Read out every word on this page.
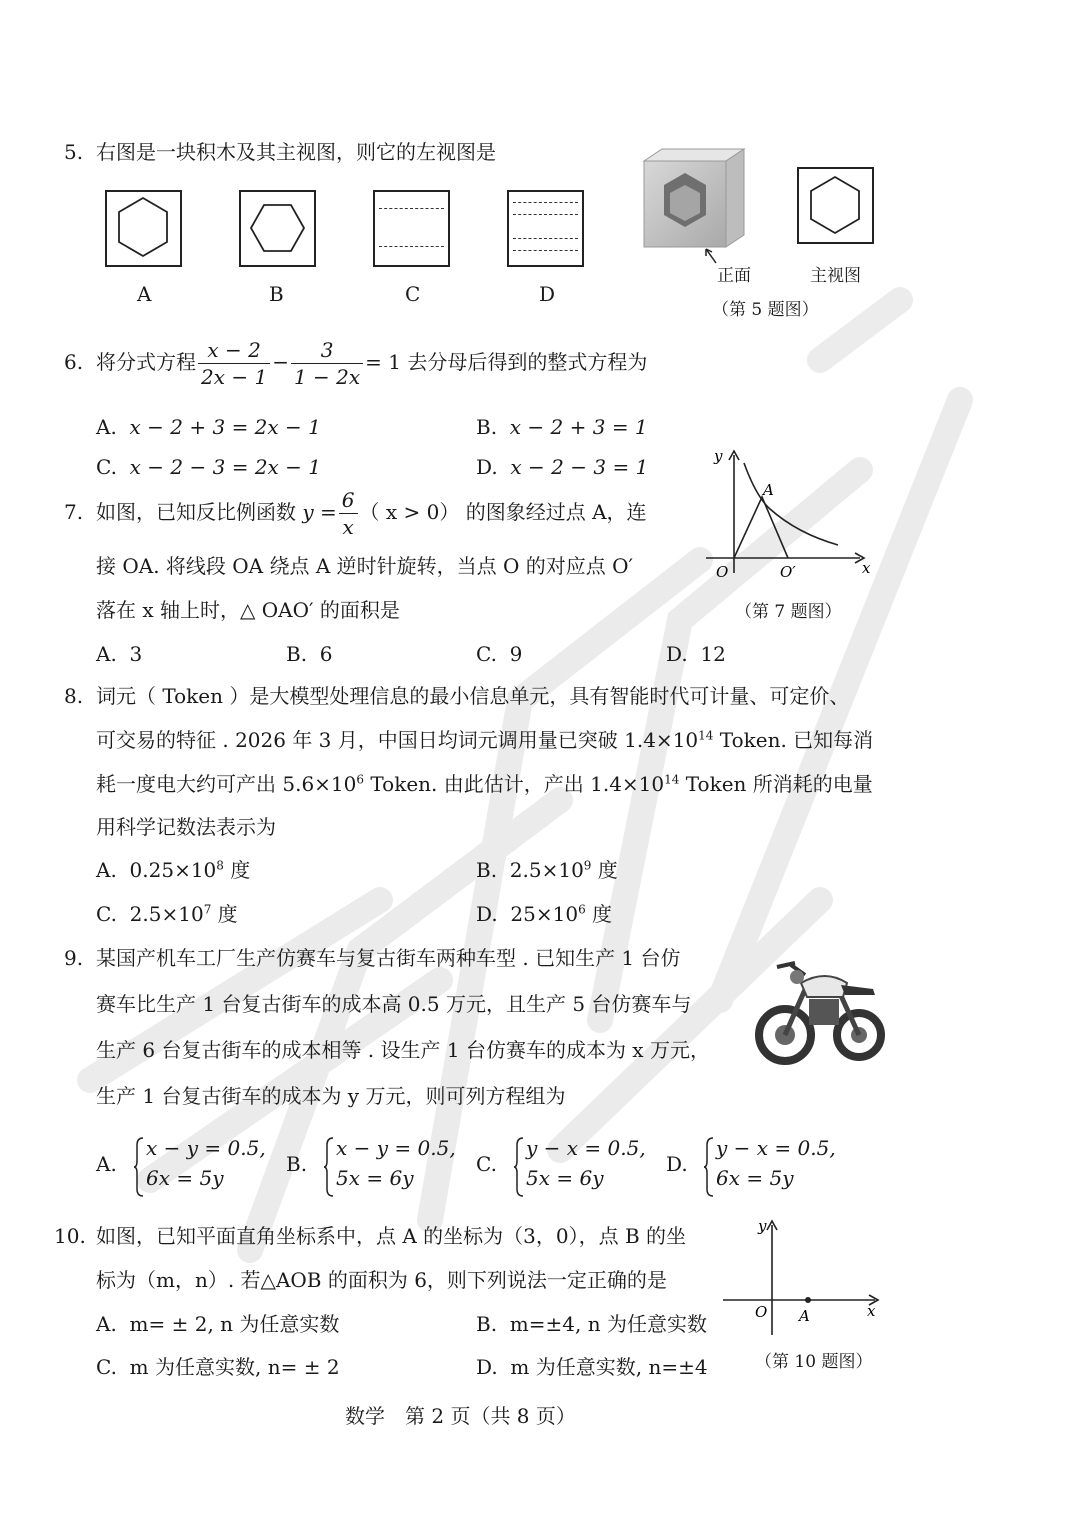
5. 右图是一块积木及其主视图，则它的左视图是
A	B	C	D
正面	主视图
（第 5 题图）
6. 将分式方程 $\frac{x - 2}{2x - 1} - \frac{3}{1 - 2x} = 1$ 去分母后得到的整式方程为
A. x − 2 + 3 = 2x − 1	B. x − 2 + 3 = 1
C. x − 2 − 3 = 2x − 1	D. x − 2 − 3 = 1
7. 如图，已知反比例函数 $y = \frac{6}{x}$ （ x > 0） 的图象经过点 A，连
接 OA. 将线段 OA 绕点 A 逆时针旋转，当点 O 的对应点 O′
落在 x 轴上时，△ OAO′ 的面积是
A. 3	B. 6	C. 9	D. 12
y
x
O	O′
A
（第 7 题图）
8. 词元（ Token ）是大模型处理信息的最小信息单元，具有智能时代可计量、可定价、
可交易的特征 . 2026 年 3 月，中国日均词元调用量已突破 $1.4\times 10^{14}$ Token. 已知每消
耗一度电大约可产出 $5.6\times 10^6$ Token. 由此估计，产出 $1.4\times 10^{14}$ Token 所消耗的电量
用科学记数法表示为
A. $0.25\times 10^8$ 度	B. $2.5\times 10^9$ 度
C. $2.5\times 10^7$ 度	D. $25\times 10^6$ 度
9. 某国产机车工厂生产仿赛车与复古街车两种车型 . 已知生产 1 台仿
赛车比生产 1 台复古街车的成本高 0.5 万元，且生产 5 台仿赛车与
生产 6 台复古街车的成本相等 . 设生产 1 台仿赛车的成本为 x 万元，
生产 1 台复古街车的成本为 y 万元，则可列方程组为
A.
x − y = 0.5,
6x = 5y
B.
x − y = 0.5,
5x = 6y
C.
y − x = 0.5,
5x = 6y
D.
y − x = 0.5,
6x = 5y
10. 如图，已知平面直角坐标系中，点 A 的坐标为（3，0），点 B 的坐
标为（m，n）. 若△AOB 的面积为 6，则下列说法一定正确的是
A. m= ± 2, n 为任意实数	B. m=±4, n 为任意实数
C. m 为任意实数, n= ± 2	D. m 为任意实数, n=±4
y
x
O A
（第 10 题图）
数学　第 2 页（共 8 页）
